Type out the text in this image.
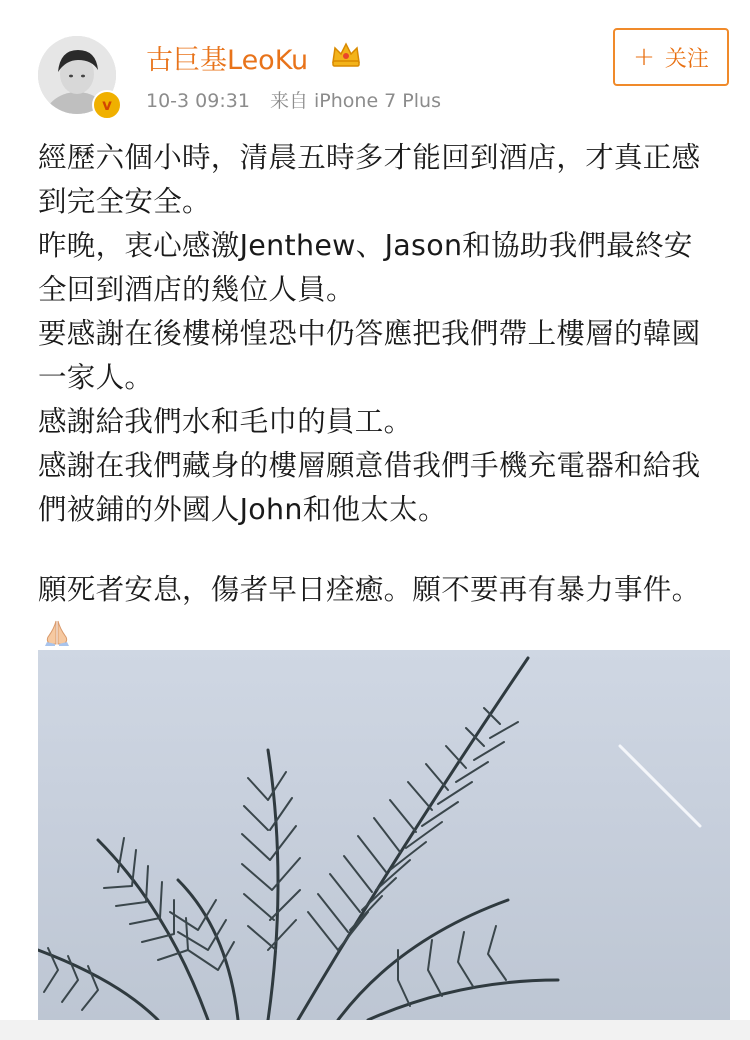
v
古巨基LeoKu
10-3 09:31 来自 iPhone 7 Plus
+ 关注

經歷六個小時，清晨五時多才能回到酒店，才真正感到完全安全。

昨晚，衷心感激Jenthew、Jason和協助我們最終安全回到酒店的幾位人員。

要感謝在後樓梯惶恐中仍答應把我們帶上樓層的韓國一家人。

感謝給我們水和毛巾的員工。

感謝在我們藏身的樓層願意借我們手機充電器和給我們被鋪的外國人John和他太太。

願死者安息，傷者早日痊癒。願不要再有暴力事件。
